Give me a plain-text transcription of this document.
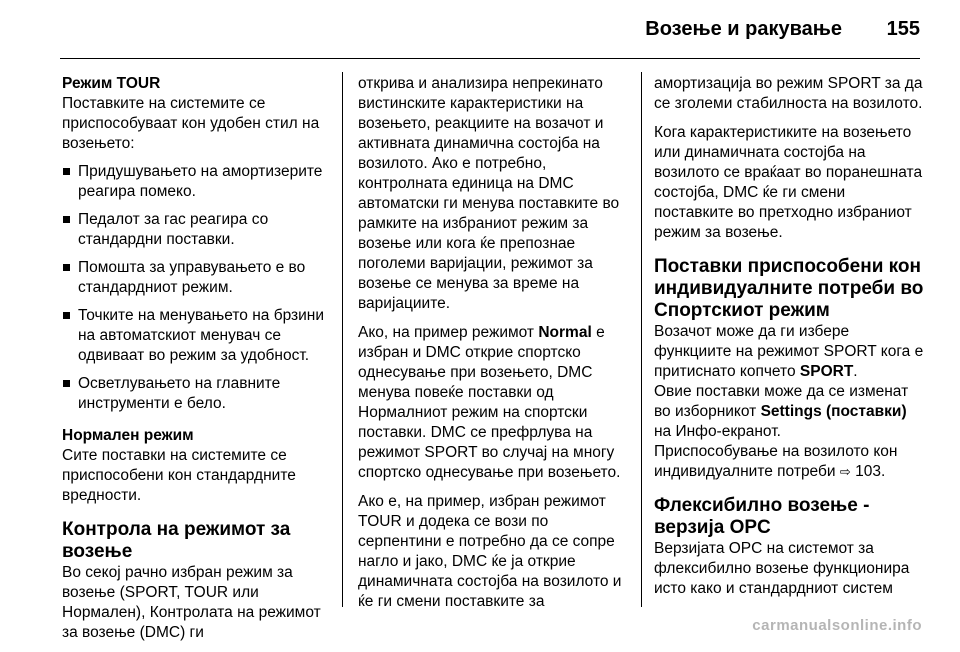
Возење и ракување 155
Режим TOUR

Поставките на системите се приспособуваат кон удобен стил на возењето:

Придушувањето на амортизерите реагира помеко.
Педалот за гас реагира со стандардни поставки.
Помошта за управувањето е во стандардниот режим.
Точките на менувањето на брзини на автоматскиот менувач се одвиваат во режим за удобност.
Осветлувањето на главните инструменти е бело.
Нормален режим

Сите поставки на системите се приспособени кон стандардните вредности.

Контрола на режимот за возење

Во секој рачно избран режим за возење (SPORT, TOUR или Нормален), Контролата на режимот за возење (DMC) ги

открива и анализира непрекинато вистинските карактеристики на возењето, реакциите на возачот и активната динамична состојба на возилото. Ако е потребно, контролната единица на DMC автоматски ги менува поставките во рамките на избраниот режим за возење или кога ќе препознае поголеми варијации, режимот за возење се менува за време на варијациите.

Ако, на пример режимот Normal е избран и DMC открие спортско однесување при возењето, DMC менува повеќе поставки од Нормалниот режим на спортски поставки. DMC се префрлува на режимот SPORT во случај на многу спортско однесување при возењето.

Ако е, на пример, избран режимот TOUR и додека се вози по серпентини е потребно да се сопре нагло и јако, DMC ќе ја открие динамичната состојба на возилото и ќе ги смени поставките за

амортизација во режим SPORT за да се зголеми стабилноста на возилото.

Кога карактеристиките на возењето или динамичната состојба на возилото се враќаат во поранешната состојба, DMC ќе ги смени поставките во претходно избраниот режим за возење.

Поставки приспособени кон индивидуалните потреби во Спортскиот режим

Возачот може да ги избере функциите на режимот SPORT кога е притиснато копчето SPORT.

Овие поставки може да се изменат во изборникот Settings (поставки) на Инфо-екранот.

Приспособување на возилото кон индивидуалните потреби ⇨ 103.

Флексибилно возење - верзија OPC

Верзијата OPC на системот за флексибилно возење функционира исто како и стандардниот систем

carmanualsonline.info
